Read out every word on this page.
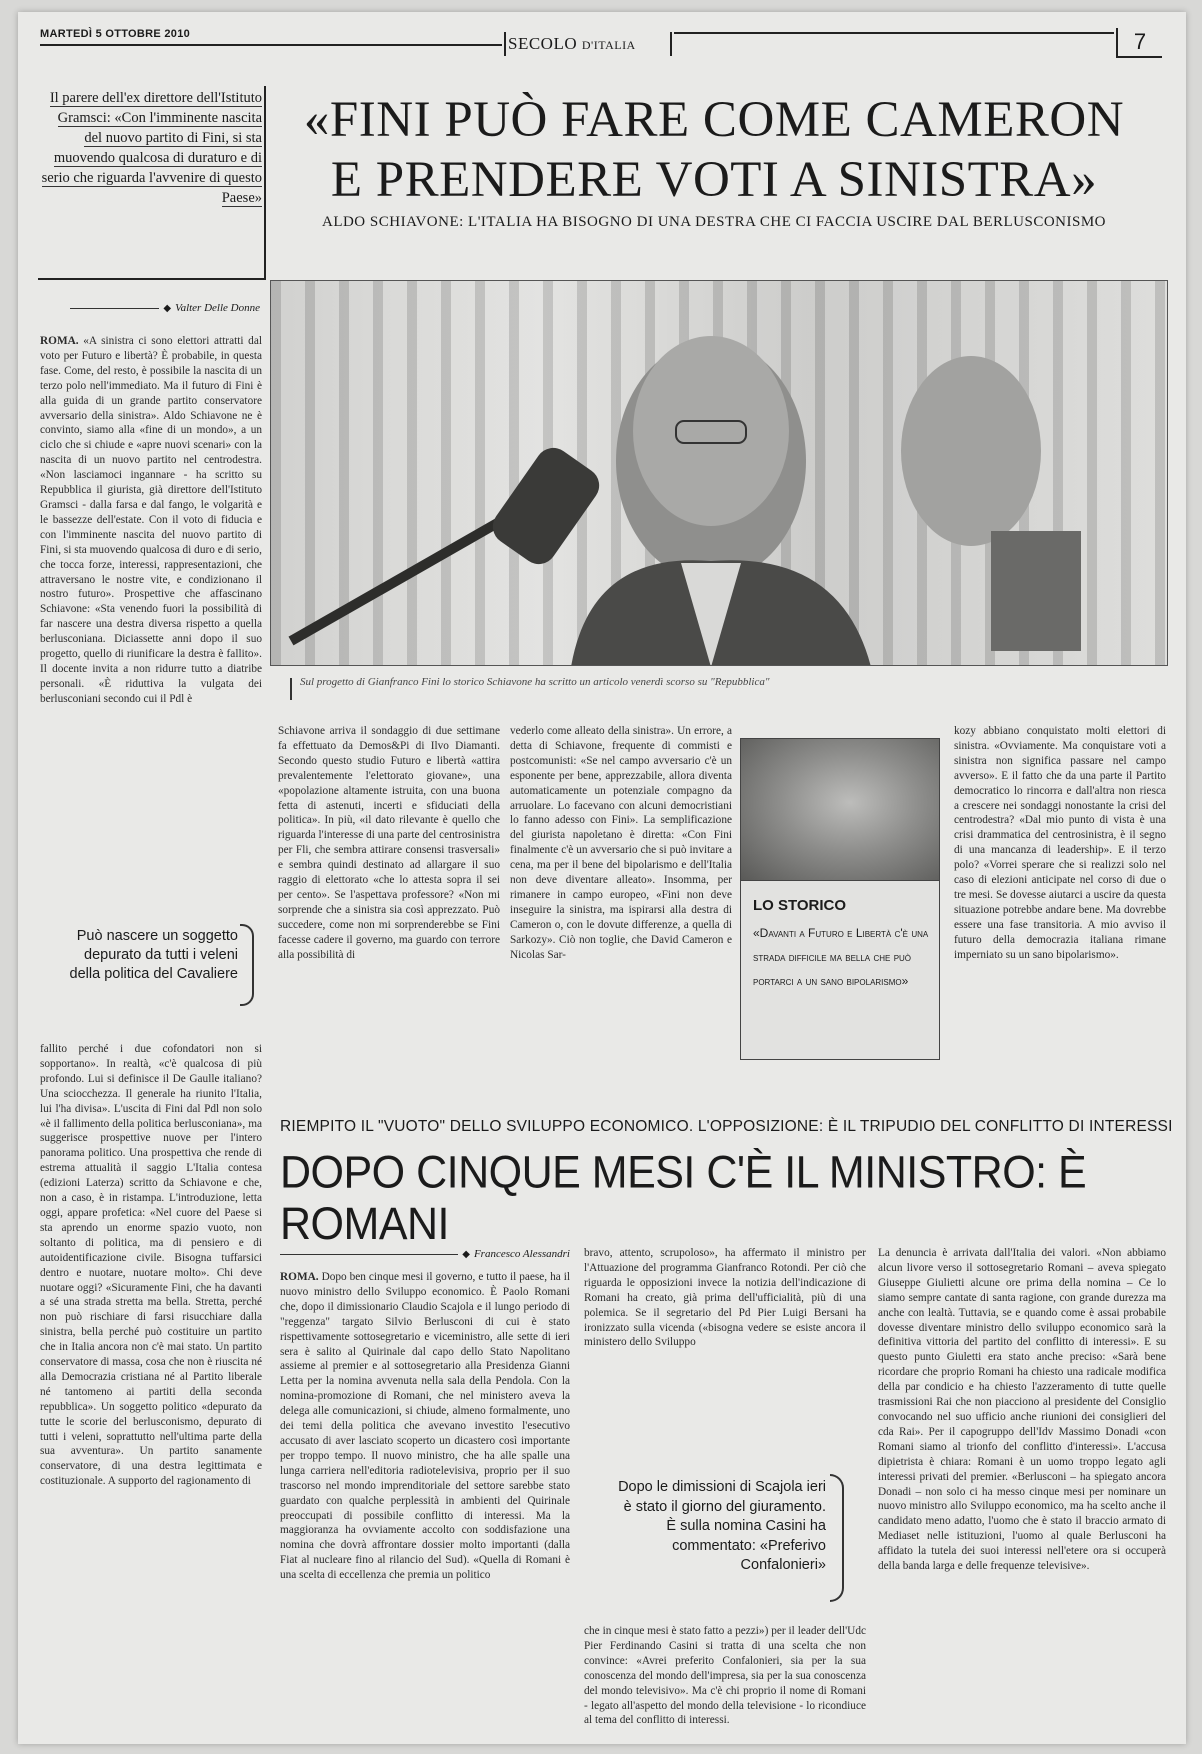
MARTEDÌ 5 OTTOBRE 2010	SECOLO D'ITALIA	7
Il parere dell'ex direttore dell'Istituto Gramsci: «Con l'imminente nascita del nuovo partito di Fini, si sta muovendo qualcosa di duraturo e di serio che riguarda l'avvenire di questo Paese»
«FINI PUÒ FARE COME CAMERON
E PRENDERE VOTI A SINISTRA»
ALDO SCHIAVONE: L'ITALIA HA BISOGNO DI UNA DESTRA CHE CI FACCIA USCIRE DAL BERLUSCONISMO
◆ Valter Delle Donne
Sul progetto di Gianfranco Fini lo storico Schiavone ha scritto un articolo venerdì scorso su "Repubblica"
ROMA. «A sinistra ci sono elettori attratti dal voto per Futuro e libertà? È probabile, in questa fase. Come, del resto, è possibile la nascita di un terzo polo nell'immediato. Ma il futuro di Fini è alla guida di un grande partito conservatore avversario della sinistra». Aldo Schiavone ne è convinto, siamo alla «fine di un mondo», a un ciclo che si chiude e «apre nuovi scenari» con la nascita di un nuovo partito nel centrodestra. «Non lasciamoci ingannare - ha scritto su Repubblica il giurista, già direttore dell'Istituto Gramsci - dalla farsa e dal fango, le volgarità e le bassezze dell'estate. Con il voto di fiducia e con l'imminente nascita del nuovo partito di Fini, si sta muovendo qualcosa di duro e di serio, che tocca forze, interessi, rappresentazioni, che attraversano le nostre vite, e condizionano il nostro futuro». Prospettive che affascinano Schiavone: «Sta venendo fuori la possibilità di far nascere una destra diversa rispetto a quella berlusconiana. Diciassette anni dopo il suo progetto, quello di riunificare la destra è fallito». Il docente invita a non ridurre tutto a diatribe personali. «È riduttiva la vulgata dei berlusconiani secondo cui il Pdl è
Può nascere un soggetto depurato da tutti i veleni della politica del Cavaliere
fallito perché i due cofondatori non si sopportano». In realtà, «c'è qualcosa di più profondo. Lui si definisce il De Gaulle italiano? Una sciocchezza. Il generale ha riunito l'Italia, lui l'ha divisa». L'uscita di Fini dal Pdl non solo «è il fallimento della politica berlusconiana», ma suggerisce prospettive nuove per l'intero panorama politico. Una prospettiva che rende di estrema attualità il saggio L'Italia contesa (edizioni Laterza) scritto da Schiavone e che, non a caso, è in ristampa. L'introduzione, letta oggi, appare profetica: «Nel cuore del Paese si sta aprendo un enorme spazio vuoto, non soltanto di politica, ma di pensiero e di autoidentificazione civile. Bisogna tuffarsici dentro e nuotare, nuotare molto». Chi deve nuotare oggi? «Sicuramente Fini, che ha davanti a sé una strada stretta ma bella. Stretta, perché non può rischiare di farsi risucchiare dalla sinistra, bella perché può costituire un partito che in Italia ancora non c'è mai stato. Un partito conservatore di massa, cosa che non è riuscita né alla Democrazia cristiana né al Partito liberale né tantomeno ai partiti della seconda repubblica». Un soggetto politico «depurato da tutte le scorie del berlusconismo, depurato di tutti i veleni, soprattutto nell'ultima parte della sua avventura». Un partito sanamente conservatore, di una destra legittimata e costituzionale. A supporto del ragionamento di
Schiavone arriva il sondaggio di due settimane fa effettuato da Demos&Pi di Ilvo Diamanti. Secondo questo studio Futuro e libertà «attira prevalentemente l'elettorato giovane», una «popolazione altamente istruita, con una buona fetta di astenuti, incerti e sfiduciati della politica». In più, «il dato rilevante è quello che riguarda l'interesse di una parte del centrosinistra per Fli, che sembra attirare consensi trasversali» e sembra quindi destinato ad allargare il suo raggio di elettorato «che lo attesta sopra il sei per cento». Se l'aspettava professore? «Non mi sorprende che a sinistra sia così apprezzato. Può succedere, come non mi sorprenderebbe se Fini facesse cadere il governo, ma guardo con terrore alla possibilità di
vederlo come alleato della sinistra». Un errore, a detta di Schiavone, frequente di commisti e postcomunisti: «Se nel campo avversario c'è un esponente per bene, apprezzabile, allora diventa automaticamente un potenziale compagno da arruolare. Lo facevano con alcuni democristiani lo fanno adesso con Fini». La semplificazione del giurista napoletano è diretta: «Con Fini finalmente c'è un avversario che si può invitare a cena, ma per il bene del bipolarismo e dell'Italia non deve diventare alleato». Insomma, per rimanere in campo europeo, «Fini non deve inseguire la sinistra, ma ispirarsi alla destra di Cameron o, con le dovute differenze, a quella di Sarkozy». Ciò non toglie, che David Cameron e Nicolas Sar-
LO STORICO
«Davanti a Futuro e Libertà c'è una strada difficile ma bella che può portarci a un sano bipolarismo»
kozy abbiano conquistato molti elettori di sinistra. «Ovviamente. Ma conquistare voti a sinistra non significa passare nel campo avverso». E il fatto che da una parte il Partito democratico lo rincorra e dall'altra non riesca a crescere nei sondaggi nonostante la crisi del centrodestra? «Dal mio punto di vista è una crisi drammatica del centrosinistra, è il segno di una mancanza di leadership». E il terzo polo? «Vorrei sperare che si realizzi solo nel caso di elezioni anticipate nel corso di due o tre mesi. Se dovesse aiutarci a uscire da questa situazione potrebbe andare bene. Ma dovrebbe essere una fase transitoria. A mio avviso il futuro della democrazia italiana rimane imperniato su un sano bipolarismo».
RIEMPITO IL "VUOTO" DELLO SVILUPPO ECONOMICO. L'OPPOSIZIONE: È IL TRIPUDIO DEL CONFLITTO DI INTERESSI
DOPO CINQUE MESI C'È IL MINISTRO: È ROMANI
◆ Francesco Alessandri
ROMA. Dopo ben cinque mesi il governo, e tutto il paese, ha il nuovo ministro dello Sviluppo economico. È Paolo Romani che, dopo il dimissionario Claudio Scajola e il lungo periodo di "reggenza" targato Silvio Berlusconi di cui è stato rispettivamente sottosegretario e viceministro, alle sette di ieri sera è salito al Quirinale dal capo dello Stato Napolitano assieme al premier e al sottosegretario alla Presidenza Gianni Letta per la nomina avvenuta nella sala della Pendola. Con la nomina-promozione di Romani, che nel ministero aveva la delega alle comunicazioni, si chiude, almeno formalmente, uno dei temi della politica che avevano investito l'esecutivo accusato di aver lasciato scoperto un dicastero così importante per troppo tempo. Il nuovo ministro, che ha alle spalle una lunga carriera nell'editoria radiotelevisiva, proprio per il suo trascorso nel mondo imprenditoriale del settore sarebbe stato guardato con qualche perplessità in ambienti del Quirinale preoccupati di possibile conflitto di interessi. Ma la maggioranza ha ovviamente accolto con soddisfazione una nomina che dovrà affrontare dossier molto importanti (dalla Fiat al nucleare fino al rilancio del Sud). «Quella di Romani è una scelta di eccellenza che premia un politico
bravo, attento, scrupoloso», ha affermato il ministro per l'Attuazione del programma Gianfranco Rotondi. Per ciò che riguarda le opposizioni invece la notizia dell'indicazione di Romani ha creato, già prima dell'ufficialità, più di una polemica. Se il segretario del Pd Pier Luigi Bersani ha ironizzato sulla vicenda («bisogna vedere se esiste ancora il ministero dello Sviluppo
Dopo le dimissioni di Scajola ieri è stato il giorno del giuramento. È sulla nomina Casini ha commentato: «Preferivo Confalonieri»
che in cinque mesi è stato fatto a pezzi») per il leader dell'Udc Pier Ferdinando Casini si tratta di una scelta che non convince: «Avrei preferito Confalonieri, sia per la sua conoscenza del mondo dell'impresa, sia per la sua conoscenza del mondo televisivo». Ma c'è chi proprio il nome di Romani - legato all'aspetto del mondo della televisione - lo ricondiuce al tema del conflitto di interessi.
La denuncia è arrivata dall'Italia dei valori. «Non abbiamo alcun livore verso il sottosegretario Romani – aveva spiegato Giuseppe Giulietti alcune ore prima della nomina – Ce lo siamo sempre cantate di santa ragione, con grande durezza ma anche con lealtà. Tuttavia, se e quando come è assai probabile dovesse diventare ministro dello sviluppo economico sarà la definitiva vittoria del partito del conflitto di interessi». E su questo punto Giuletti era stato anche preciso: «Sarà bene ricordare che proprio Romani ha chiesto una radicale modifica della par condicio e ha chiesto l'azzeramento di tutte quelle trasmissioni Rai che non piacciono al presidente del Consiglio convocando nel suo ufficio anche riunioni dei consiglieri del cda Rai». Per il capogruppo dell'Idv Massimo Donadi «con Romani siamo al trionfo del conflitto d'interessi». L'accusa dipietrista è chiara: Romani è un uomo troppo legato agli interessi privati del premier. «Berlusconi – ha spiegato ancora Donadi – non solo ci ha messo cinque mesi per nominare un nuovo ministro allo Sviluppo economico, ma ha scelto anche il candidato meno adatto, l'uomo che è stato il braccio armato di Mediaset nelle istituzioni, l'uomo al quale Berlusconi ha affidato la tutela dei suoi interessi nell'etere ora si occuperà della banda larga e delle frequenze televisive».
